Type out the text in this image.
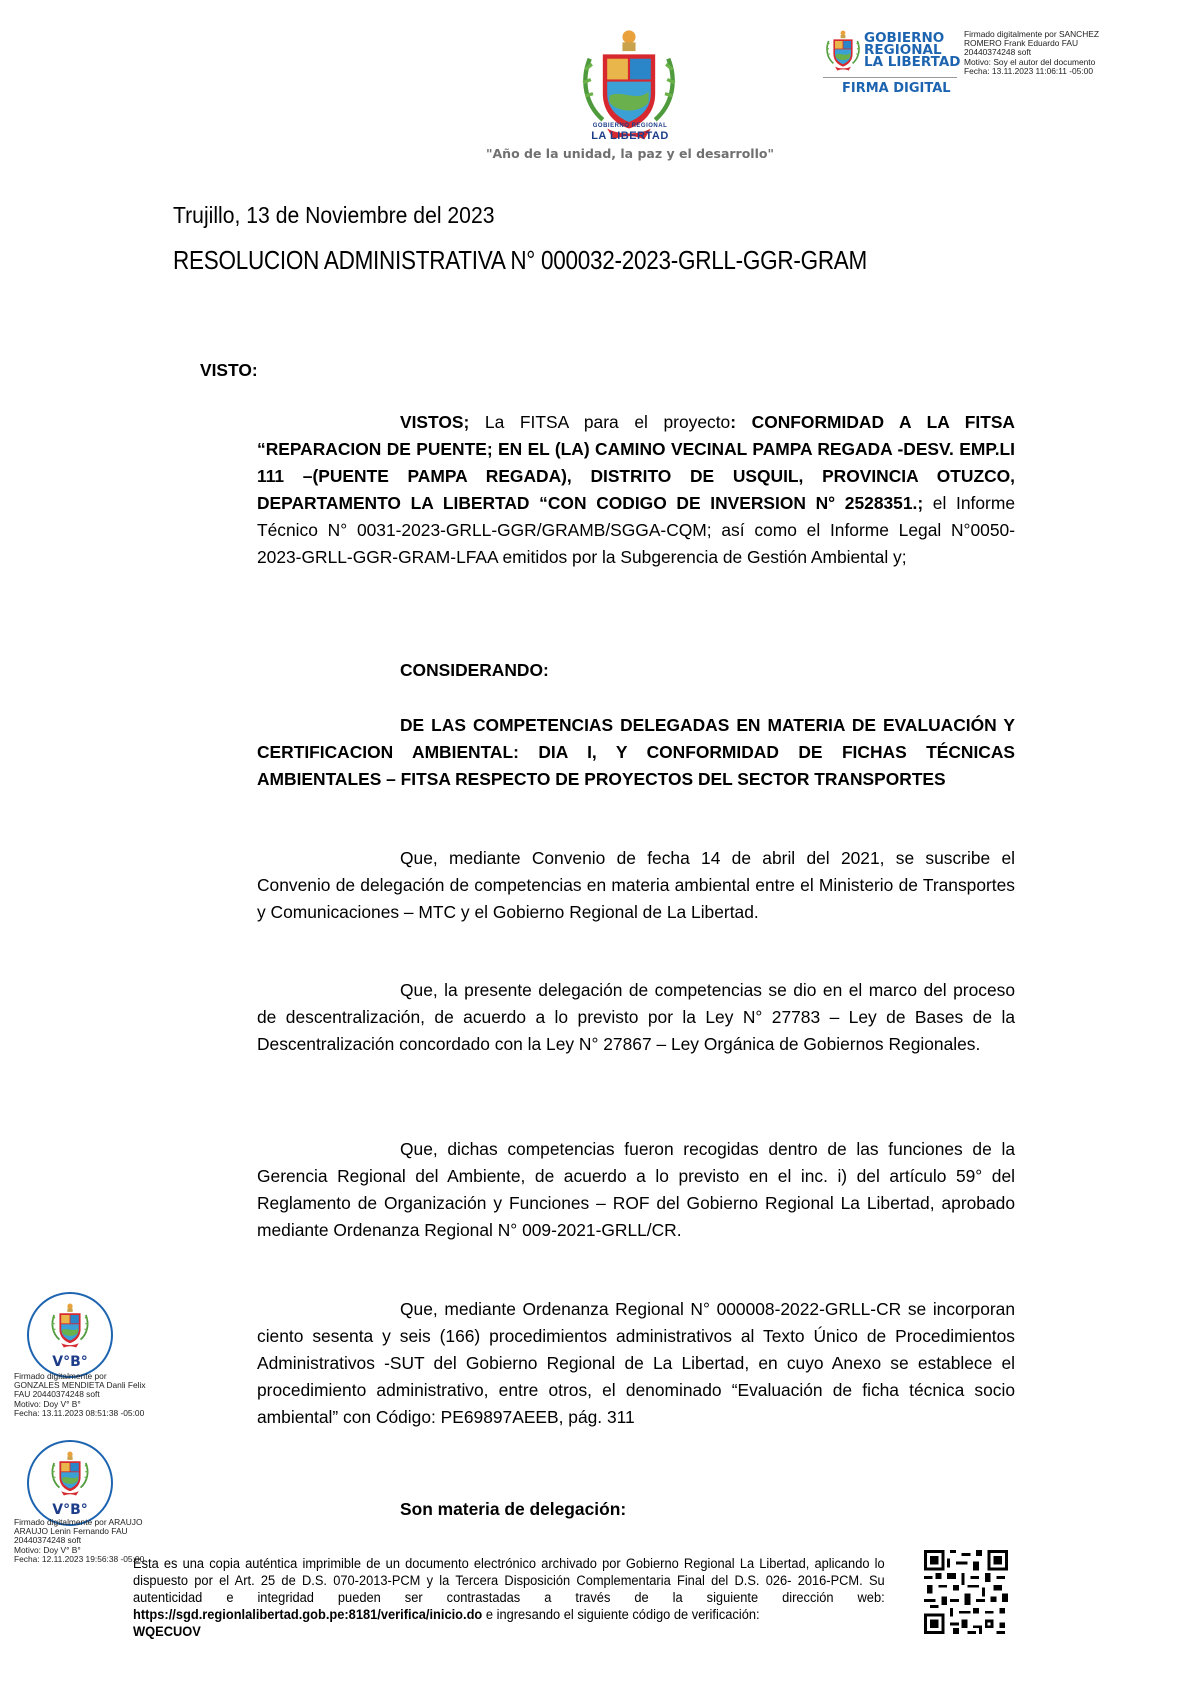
GOBIERNO REGIONAL
LA LIBERTAD
"Año de la unidad, la paz y el desarrollo"
GOBIERNO
REGIONAL
LA LIBERTAD
FIRMA DIGITAL
Firmado digitalmente por SANCHEZ
ROMERO Frank Eduardo FAU
20440374248 soft
Motivo: Soy el autor del documento
Fecha: 13.11.2023 11:06:11 -05:00
Trujillo, 13 de Noviembre del 2023
RESOLUCION ADMINISTRATIVA N° 000032-2023-GRLL-GGR-GRAM
VISTO:
VISTOS; La FITSA para el proyecto: CONFORMIDAD A LA FITSA “REPARACION DE PUENTE; EN EL (LA) CAMINO VECINAL PAMPA REGADA -DESV. EMP.LI 111 –(PUENTE PAMPA REGADA), DISTRITO DE USQUIL, PROVINCIA OTUZCO, DEPARTAMENTO LA LIBERTAD “CON CODIGO DE INVERSION N° 2528351.; el Informe Técnico N° 0031-2023-GRLL-GGR/GRAMB/SGGA-CQM; así como el Informe Legal N°0050-2023-GRLL-GGR-GRAM-LFAA emitidos por la Subgerencia de Gestión Ambiental y;
CONSIDERANDO:
DE LAS COMPETENCIAS DELEGADAS EN MATERIA DE EVALUACIÓN Y CERTIFICACION AMBIENTAL: DIA I, Y CONFORMIDAD DE FICHAS TÉCNICAS AMBIENTALES – FITSA RESPECTO DE PROYECTOS DEL SECTOR TRANSPORTES
Que, mediante Convenio de fecha 14 de abril del 2021, se suscribe el Convenio de delegación de competencias en materia ambiental entre el Ministerio de Transportes y Comunicaciones – MTC y el Gobierno Regional de La Libertad.
Que, la presente delegación de competencias se dio en el marco del proceso de descentralización, de acuerdo a lo previsto por la Ley N° 27783 – Ley de Bases de la Descentralización concordado con la Ley N° 27867 – Ley Orgánica de Gobiernos Regionales.
Que, dichas competencias fueron recogidas dentro de las funciones de la Gerencia Regional del Ambiente, de acuerdo a lo previsto en el inc. i) del artículo 59° del Reglamento de Organización y Funciones – ROF del Gobierno Regional La Libertad, aprobado mediante Ordenanza Regional N° 009-2021-GRLL/CR.
Que, mediante Ordenanza Regional N° 000008-2022-GRLL-CR se incorporan ciento sesenta y seis (166) procedimientos administrativos al Texto Único de Procedimientos Administrativos -SUT del Gobierno Regional de La Libertad, en cuyo Anexo se establece el procedimiento administrativo, entre otros, el denominado “Evaluación de ficha técnica socio ambiental” con Código: PE69897AEEB, pág. 311
Son materia de delegación:
V°B°
Firmado digitalmente por
GONZALES MENDIETA Danli Felix
FAU 20440374248 soft
Motivo: Doy V° B°
Fecha: 13.11.2023 08:51:38 -05:00
V°B°
Firmado digitalmente por ARAUJO
ARAUJO Lenin Fernando FAU
20440374248 soft
Motivo: Doy V° B°
Fecha: 12.11.2023 19:56:38 -05:00
Esta es una copia auténtica imprimible de un documento electrónico archivado por Gobierno Regional La Libertad, aplicando lo dispuesto por el Art. 25 de D.S. 070-2013-PCM y la Tercera Disposición Complementaria Final del D.S. 026- 2016-PCM. Su autenticidad e integridad pueden ser contrastadas a través de la siguiente dirección web: https://sgd.regionlalibertad.gob.pe:8181/verifica/inicio.do e ingresando el siguiente código de verificación:
WQECUOV
